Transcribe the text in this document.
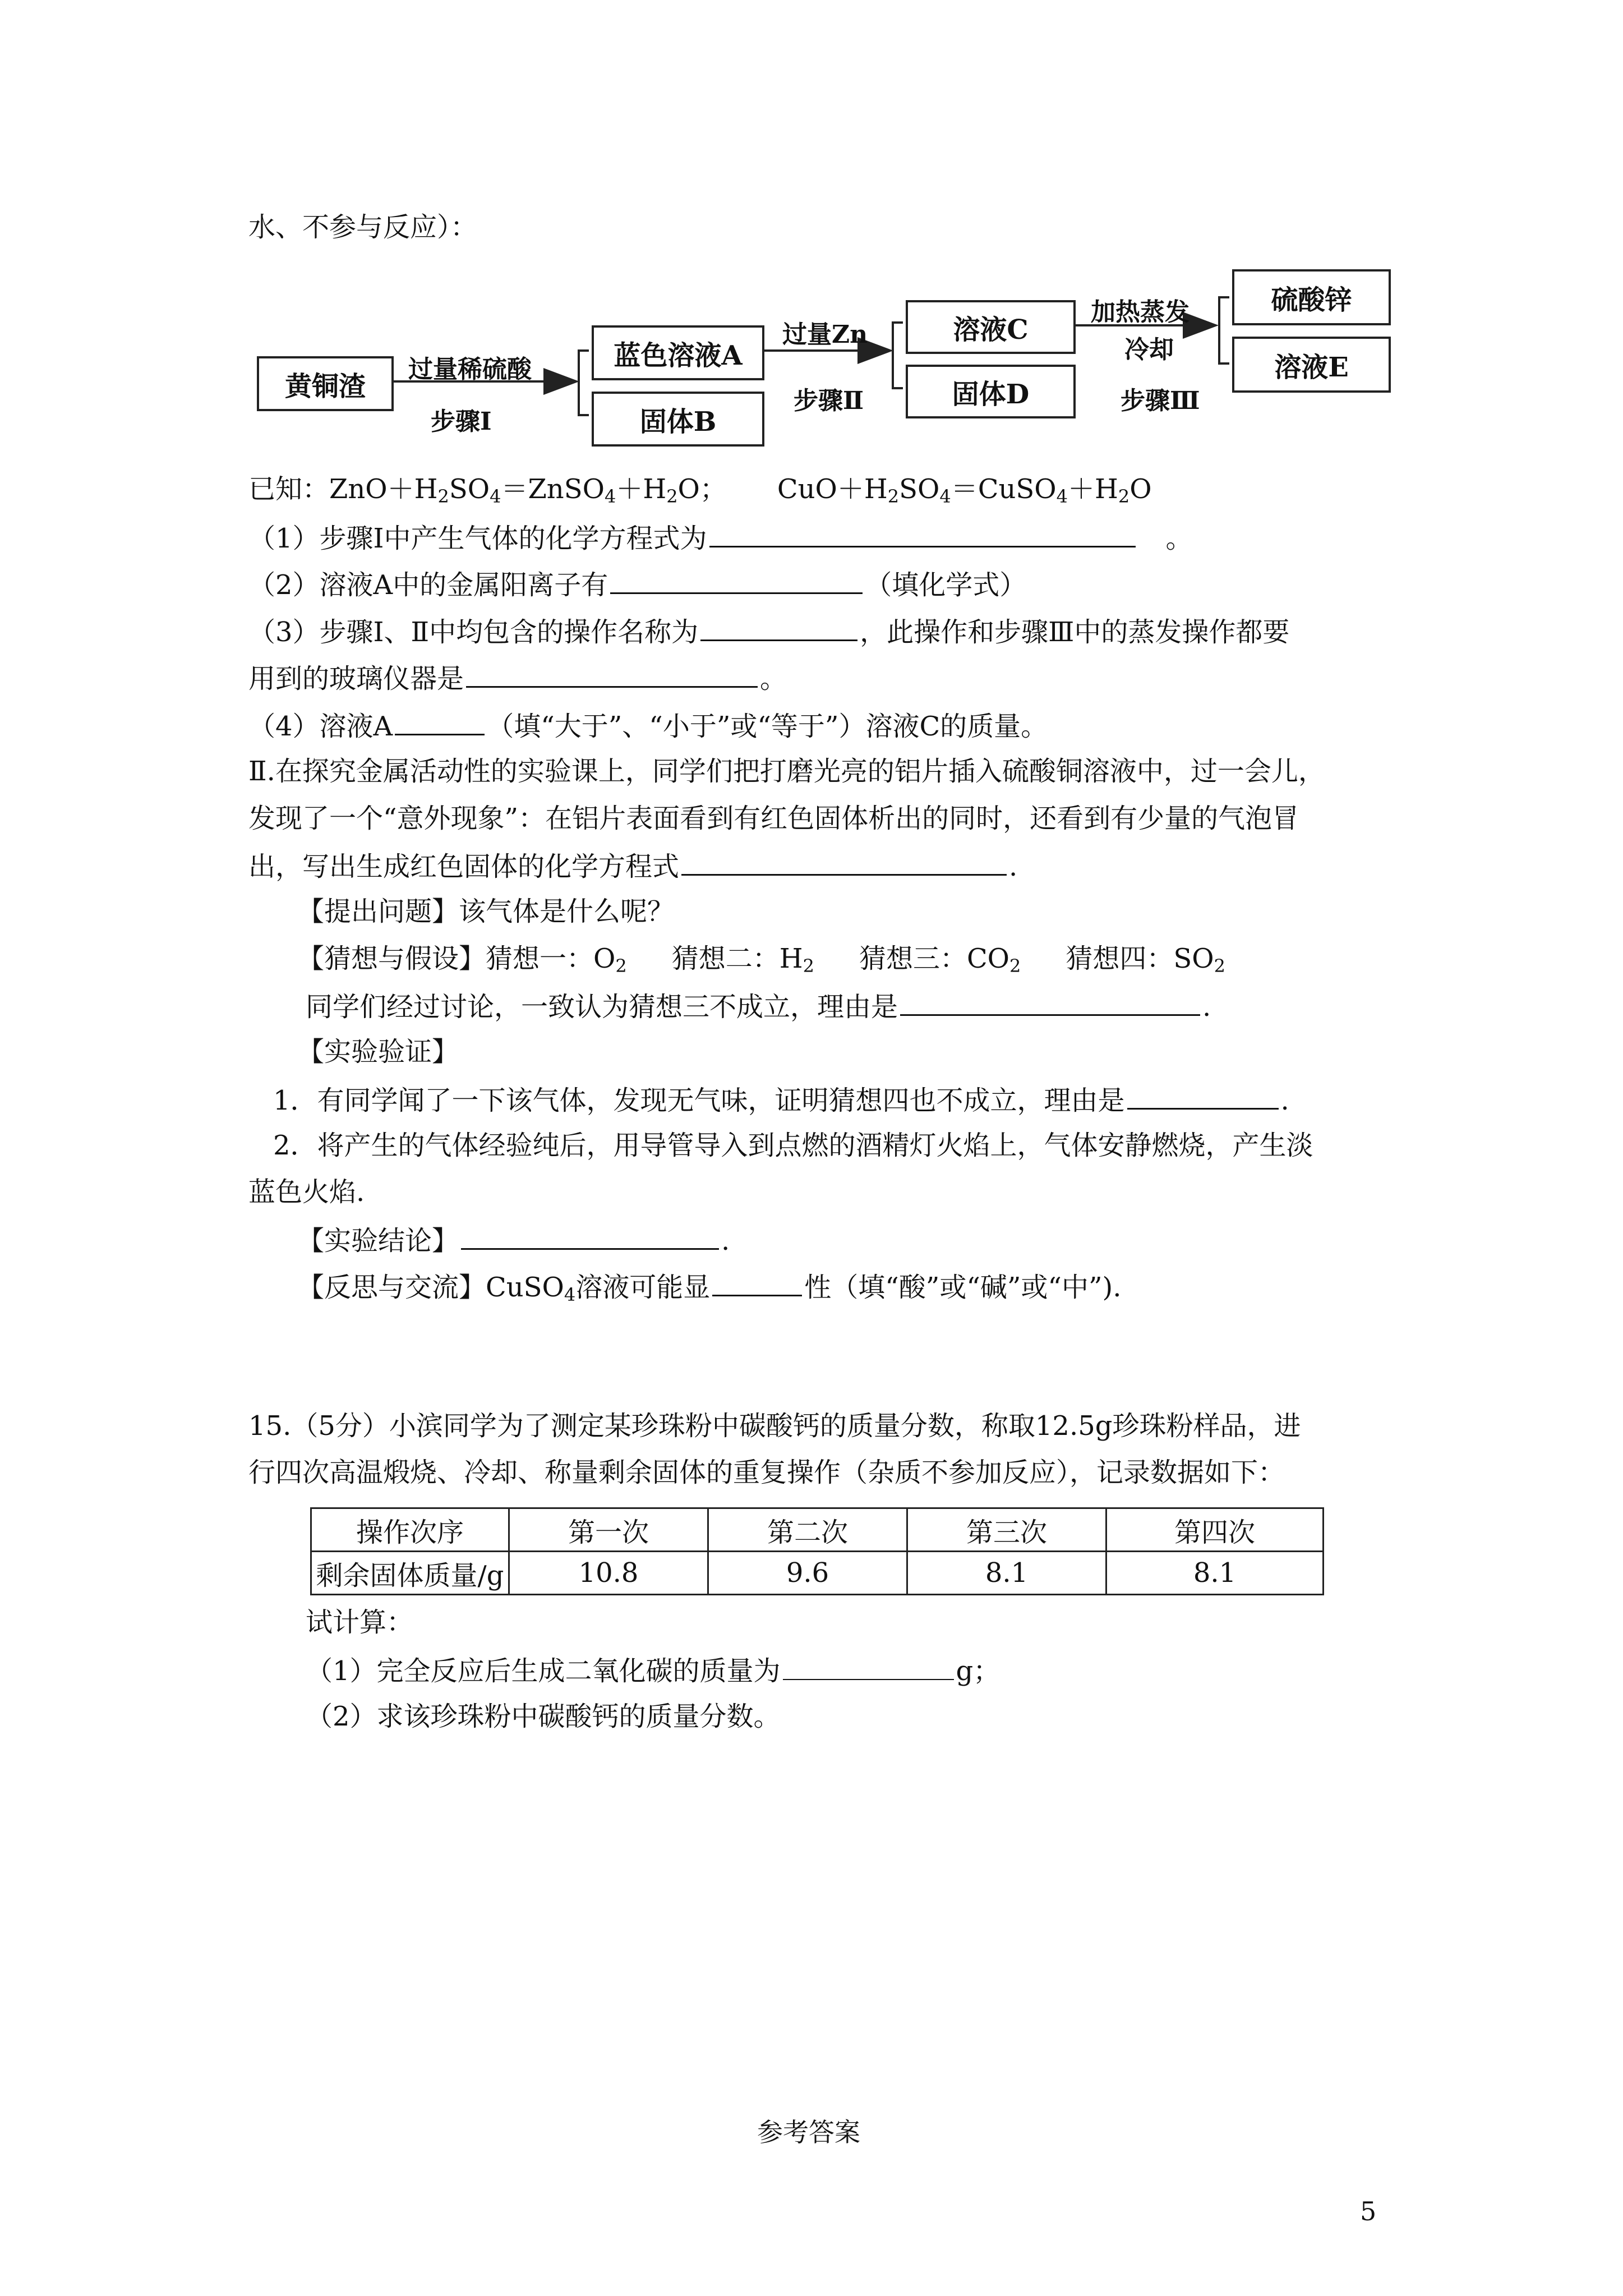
水、不参与反应）：
黄铜渣
过量稀硫酸
步骤Ⅰ
蓝色溶液A
固体B
过量Zn
步骤Ⅱ
溶液C
固体D
加热蒸发
冷却
步骤Ⅲ
硫酸锌
溶液E
已知：$ZnO+H_2SO_4=ZnSO_4+H_2O$； $CuO+H_2SO_4=CuSO_4+H_2O$
（1）步骤Ⅰ中产生气体的化学方程式为	。
（2）溶液A中的金属阳离子有	（填化学式）
（3）步骤Ⅰ、Ⅱ中均包含的操作名称为	，此操作和步骤Ⅲ中的蒸发操作都要
用到的玻璃仪器是	。
（4）溶液A	（填“大于”、“小于”或“等于”）溶液C的质量。
Ⅱ.在探究金属活动性的实验课上，同学们把打磨光亮的铝片插入硫酸铜溶液中，过一会儿，
发现了一个“意外现象”：在铝片表面看到有红色固体析出的同时，还看到有少量的气泡冒
出，写出生成红色固体的化学方程式	.
【提出问题】该气体是什么呢？
【猜想与假设】猜想一：$O_2$ 猜想二：$H_2$ 猜想三：$CO_2$ 猜想四：$SO_2$
同学们经过讨论，一致认为猜想三不成立，理由是	.
【实验验证】
1．有同学闻了一下该气体，发现无气味，证明猜想四也不成立，理由是	.
2．将产生的气体经验纯后，用导管导入到点燃的酒精灯火焰上，气体安静燃烧，产生淡
蓝色火焰.
【实验结论】	.
【反思与交流】CuSO$_4$溶液可能显	性（填“酸”或“碱”或“中”).
15.（5分）小滨同学为了测定某珍珠粉中碳酸钙的质量分数，称取12.5g珍珠粉样品，进
行四次高温煅烧、冷却、称量剩余固体的重复操作（杂质不参加反应），记录数据如下：
操作次序	第一次	第二次	第三次	第四次
剩余固体质量/g	10.8	9.6	8.1	8.1
试计算：
（1）完全反应后生成二氧化碳的质量为	g；
（2）求该珍珠粉中碳酸钙的质量分数。
参考答案
5
